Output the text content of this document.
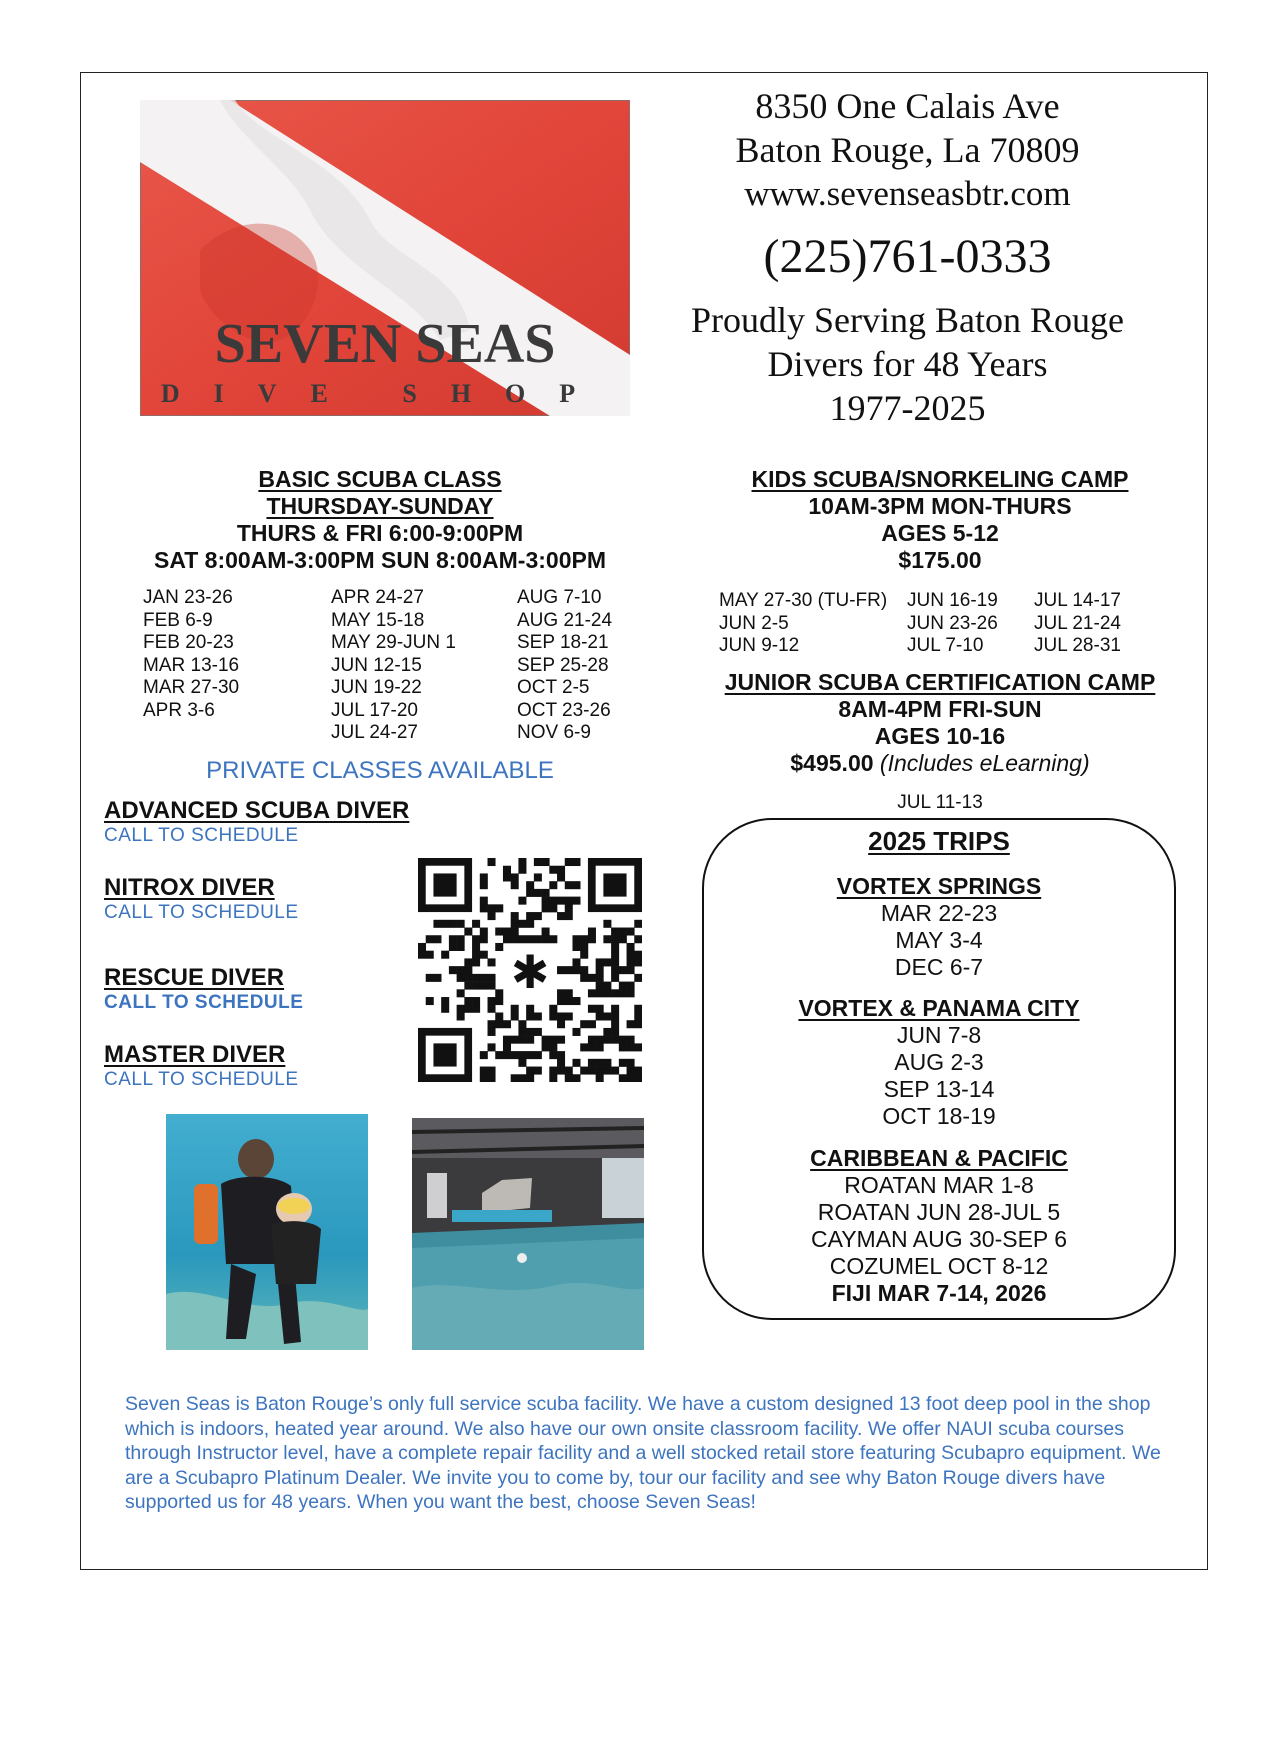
SEVEN SEAS
DIVE SHOP
8350 One Calais Ave
Baton Rouge, La 70809
www.sevenseasbtr.com
(225)761-0333
Proudly Serving Baton Rouge
Divers for 48 Years
1977-2025
BASIC SCUBA CLASS
THURSDAY-SUNDAY
THURS & FRI 6:00-9:00PM
SAT 8:00AM-3:00PM SUN 8:00AM-3:00PM
JAN 23-26
FEB 6-9
FEB 20-23
MAR 13-16
MAR 27-30
APR 3-6
APR 24-27
MAY 15-18
MAY 29-JUN 1
JUN 12-15
JUN 19-22
JUL 17-20
JUL 24-27
AUG 7-10
AUG 21-24
SEP 18-21
SEP 25-28
OCT 2-5
OCT 23-26
NOV 6-9
PRIVATE CLASSES AVAILABLE
ADVANCED SCUBA DIVER
CALL TO SCHEDULE
NITROX DIVER
CALL TO SCHEDULE
RESCUE DIVER
CALL TO SCHEDULE
MASTER DIVER
CALL TO SCHEDULE
✱
KIDS SCUBA/SNORKELING CAMP
10AM-3PM MON-THURS
AGES 5-12
$175.00
MAY 27-30 (TU-FR)
JUN 2-5
JUN 9-12
JUN 16-19
JUN 23-26
JUL 7-10
JUL 14-17
JUL 21-24
JUL 28-31
JUNIOR SCUBA CERTIFICATION CAMP
8AM-4PM FRI-SUN
AGES 10-16
$495.00 (Includes eLearning)
JUL 11-13
2025 TRIPS
VORTEX SPRINGS
MAR 22-23
MAY 3-4
DEC 6-7
VORTEX & PANAMA CITY
JUN 7-8
AUG 2-3
SEP 13-14
OCT 18-19
CARIBBEAN & PACIFIC
ROATAN MAR 1-8
ROATAN JUN 28-JUL 5
CAYMAN AUG 30-SEP 6
COZUMEL OCT 8-12
FIJI MAR 7-14, 2026
Seven Seas is Baton Rouge’s only full service scuba facility. We have a custom designed 13 foot deep pool in the shop which is indoors, heated year around. We also have our own onsite classroom facility. We offer NAUI scuba courses through Instructor level, have a complete repair facility and a well stocked retail store featuring Scubapro equipment. We are a Scubapro Platinum Dealer. We invite you to come by, tour our facility and see why Baton Rouge divers have supported us for 48 years. When you want the best, choose Seven Seas!
